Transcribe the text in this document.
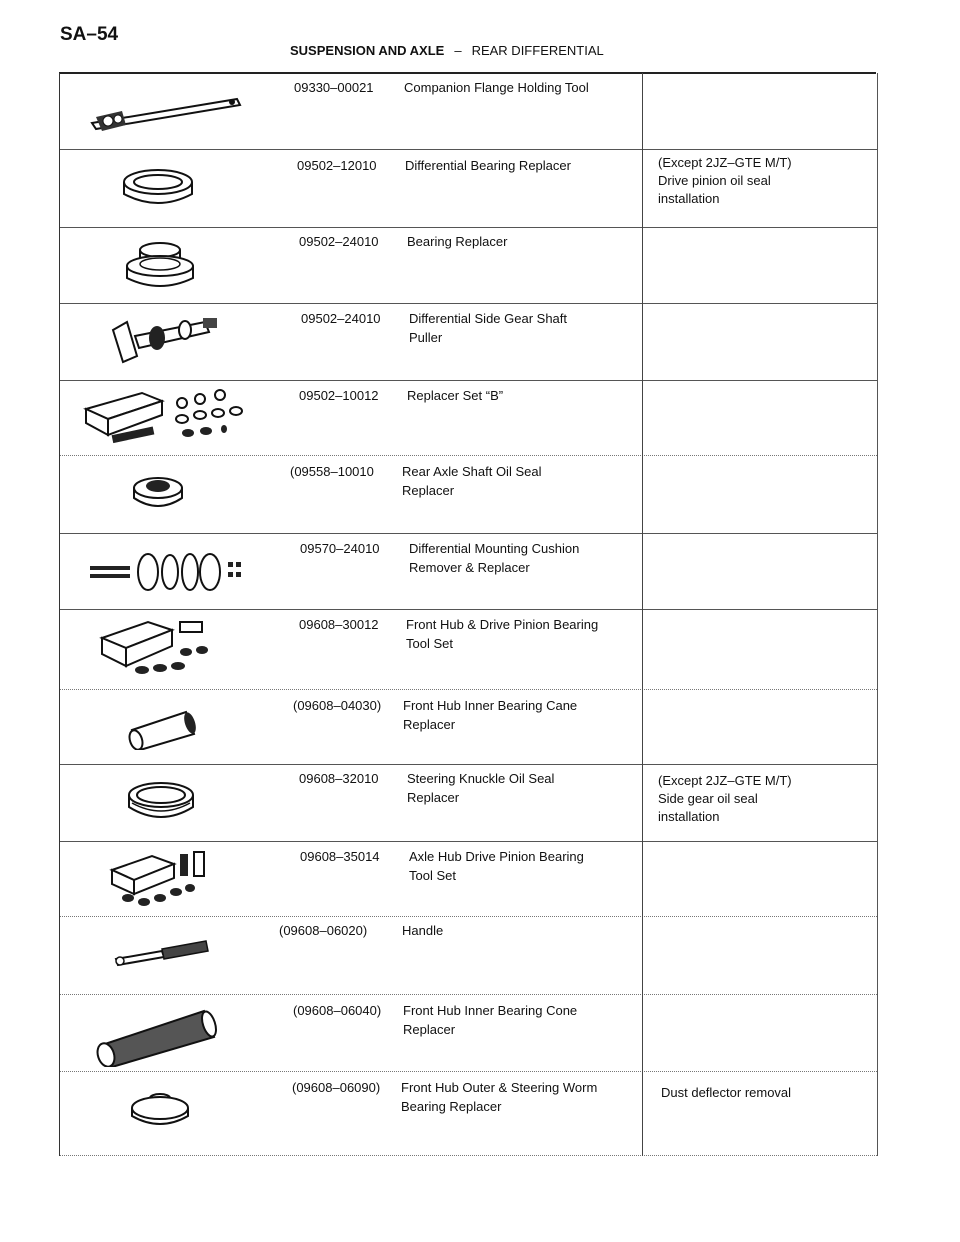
SA–54
SUSPENSION AND AXLE – REAR DIFFERENTIAL
09330–00021 Companion Flange Holding Tool
09502–12010 Differential Bearing Replacer	(Except 2JZ–GTE M/T)
Drive pinion oil seal
installation
09502–24010 Bearing Replacer
09502–24010 Differential Side Gear Shaft
Puller
09502–10012 Replacer Set “B”
(09558–10010 Rear Axle Shaft Oil Seal
Replacer
09570–24010 Differential Mounting Cushion
Remover & Replacer
09608–30012 Front Hub & Drive Pinion Bearing
Tool Set
(09608–04030) Front Hub Inner Bearing Cane
Replacer
09608–32010 Steering Knuckle Oil Seal
Replacer
(Except 2JZ–GTE M/T)
Side gear oil seal
installation
09608–35014 Axle Hub Drive Pinion Bearing
Tool Set
(09608–06020)	Handle
(09608–06040) Front Hub Inner Bearing Cone
Replacer
(09608–06090) Front Hub Outer & Steering Worm
Bearing Replacer
Dust deflector removal
